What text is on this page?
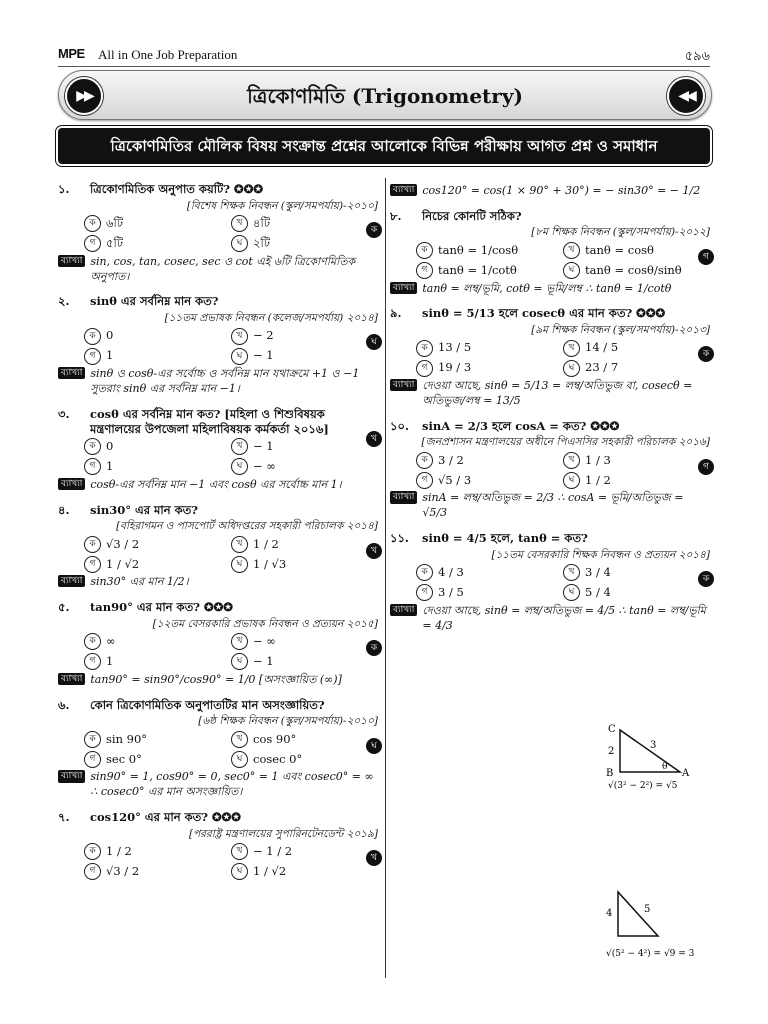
MPE All in One Job Preparation	৫৯৬
▶▶	ত্রিকোণমিতি (Trigonometry)	◀◀
ত্রিকোণমিতির মৌলিক বিষয় সংক্রান্ত প্রশ্নের আলোকে বিভিন্ন পরীক্ষায় আগত প্রশ্ন ও সমাধান
১.	ত্রিকোণমিতিক অনুপাত কয়টি? ✪✪✪
[বিশেষ শিক্ষক নিবন্ধন (স্কুল/সমপর্যায়)-২০১০]
ক ৬টি	খ ৪টি
গ ৫টি	ঘ ২টি
ক
ব্যাখ্যা sin, cos, tan, cosec, sec ও cot এই ৬টি ত্রিকোণমিতিক অনুপাত।
২.	sinθ এর সর্বনিম্ন মান কত?
[১১তম প্রভাষক নিবন্ধন (কলেজ/সমপর্যায়) ২০১৪]
ক 0	খ − 2
গ 1	ঘ − 1
ঘ
ব্যাখ্যা sinθ ও cosθ-এর সর্বোচ্চ ও সর্বনিম্ন মান যথাক্রমে +1 ও −1 সুতরাং sinθ এর সর্বনিম্ন মান −1।
৩.	cosθ এর সর্বনিম্ন মান কত? [মহিলা ও শিশুবিষয়ক মন্ত্রণালয়ের উপজেলা মহিলাবিষয়ক কর্মকর্তা ২০১৬]
ক 0	খ − 1
গ 1	ঘ − ∞
খ
ব্যাখ্যা cosθ-এর সর্বনিম্ন মান −1 এবং cosθ এর সর্বোচ্চ মান 1।
৪.	sin30° এর মান কত?
[বহিরাগমন ও পাসপোর্ট অধিদপ্তরের সহকারী পরিচালক ২০১৪]
ক √3 / 2	খ 1 / 2
গ 1 / √2	ঘ 1 / √3
খ
ব্যাখ্যা sin30° এর মান 1/2।
৫.	tan90° এর মান কত? ✪✪✪
[১২তম বেসরকারি প্রভাষক নিবন্ধন ও প্রত্যয়ন ২০১৫]
ক ∞	খ − ∞
গ 1	ঘ − 1
ক
ব্যাখ্যা tan90° = sin90°/cos90° = 1/0 [অসংজ্ঞায়িত (∞)]
৬.	কোন ত্রিকোণমিতিক অনুপাতটির মান অসংজ্ঞায়িত?
[৬ষ্ঠ শিক্ষক নিবন্ধন (স্কুল/সমপর্যায়)-২০১০]
ক sin 90°	খ cos 90°
গ sec 0°	ঘ cosec 0°
ঘ
ব্যাখ্যা sin90° = 1, cos90° = 0, sec0° = 1 এবং cosec0° = ∞ ∴ cosec0° এর মান অসংজ্ঞায়িত।
৭.	cos120° এর মান কত? ✪✪✪
[পররাষ্ট্র মন্ত্রণালয়ের সুপারিনটেনডেন্ট ২০১৯]
ক 1 / 2	খ − 1 / 2
গ √3 / 2	ঘ 1 / √2
খ
ব্যাখ্যা cos120° = cos(1 × 90° + 30°) = − sin30° = − 1/2
৮.	নিচের কোনটি সঠিক?
[৮ম শিক্ষক নিবন্ধন (স্কুল/সমপর্যায়)-২০১২]
ক tanθ = 1/cosθ	খ tanθ = cosθ
গ tanθ = 1/cotθ	ঘ tanθ = cosθ/sinθ
গ
ব্যাখ্যা tanθ = লম্ব/ভূমি, cotθ = ভূমি/লম্ব ∴ tanθ = 1/cotθ
৯.	sinθ = 5/13 হলে cosecθ এর মান কত? ✪✪✪
[৯ম শিক্ষক নিবন্ধন (স্কুল/সমপর্যায়)-২০১৩]
ক 13 / 5	খ 14 / 5
গ 19 / 3	ঘ 23 / 7
ক
ব্যাখ্যা দেওয়া আছে, sinθ = 5/13 = লম্ব/অতিভুজ বা, cosecθ = অতিভুজ/লম্ব = 13/5
১০.	sinA = 2/3 হলে cosA = কত? ✪✪✪
[জনপ্রশাসন মন্ত্রণালয়ের অধীনে পিএসসির সহকারী পরিচালক ২০১৬]
ক 3 / 2	খ 1 / 3
গ √5 / 3	ঘ 1 / 2
গ
ব্যাখ্যা sinA = লম্ব/অতিভুজ = 2/3 ∴ cosA = ভূমি/অতিভুজ = √5/3
১১.	sinθ = 4/5 হলে, tanθ = কত?
[১১তম বেসরকারি শিক্ষক নিবন্ধন ও প্রত্যয়ন ২০১৪]
ক 4 / 3	খ 3 / 4
গ 3 / 5	ঘ 5 / 4
ক
ব্যাখ্যা দেওয়া আছে, sinθ = লম্ব/অতিভুজ = 4/5 ∴ tanθ = লম্ব/ভূমি = 4/3
C
B	A
2
3
θ
√(3² − 2²) = √5
4	5
√(5² − 4²) = √9 = 3
